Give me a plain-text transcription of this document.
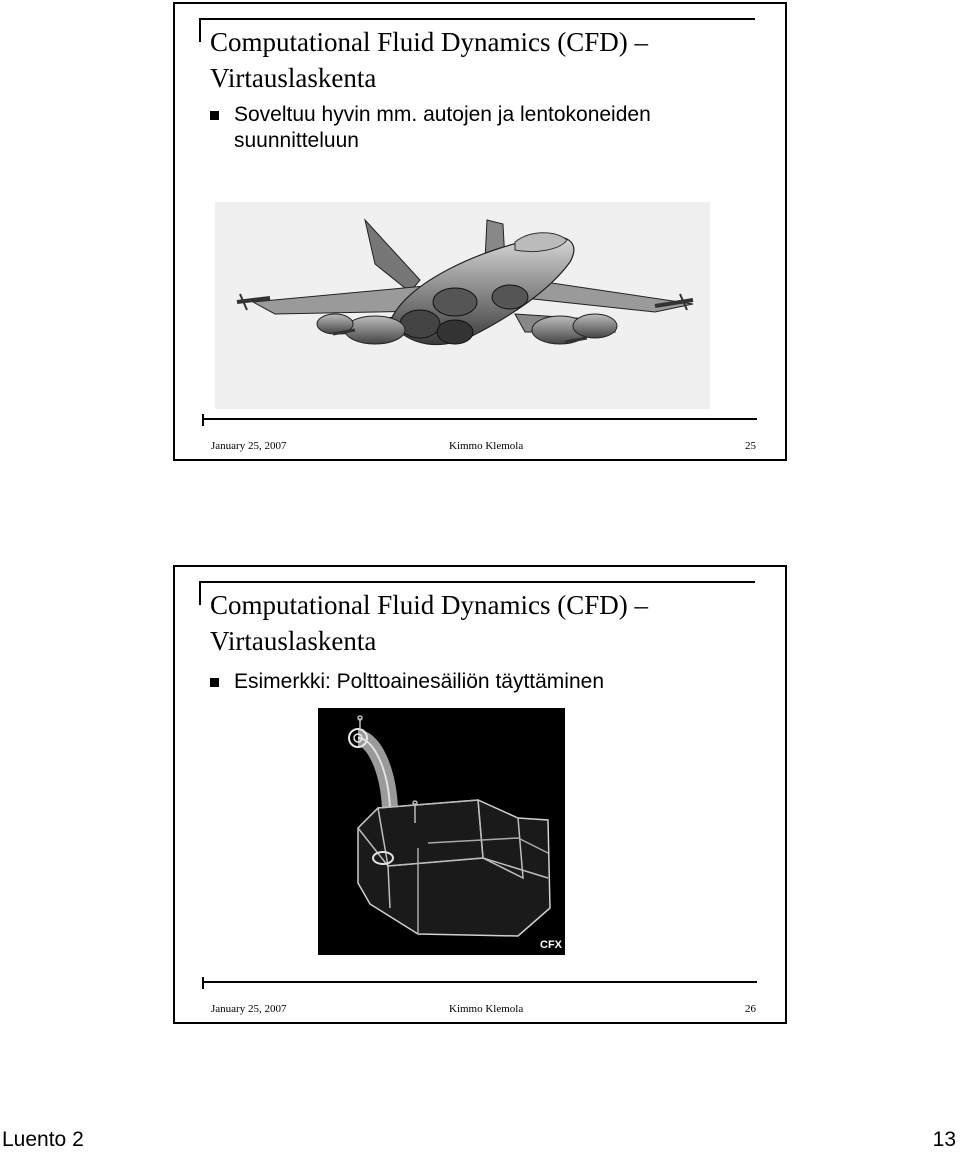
Computational Fluid Dynamics (CFD) –
Virtauslaskenta
Soveltuu hyvin mm. autojen ja lentokoneiden suunnitteluun
January 25, 2007	Kimmo Klemola	25
Computational Fluid Dynamics (CFD) –
Virtauslaskenta
Esimerkki: Polttoainesäiliön täyttäminen
CFX
January 25, 2007	Kimmo Klemola	26
Luento 2	13
